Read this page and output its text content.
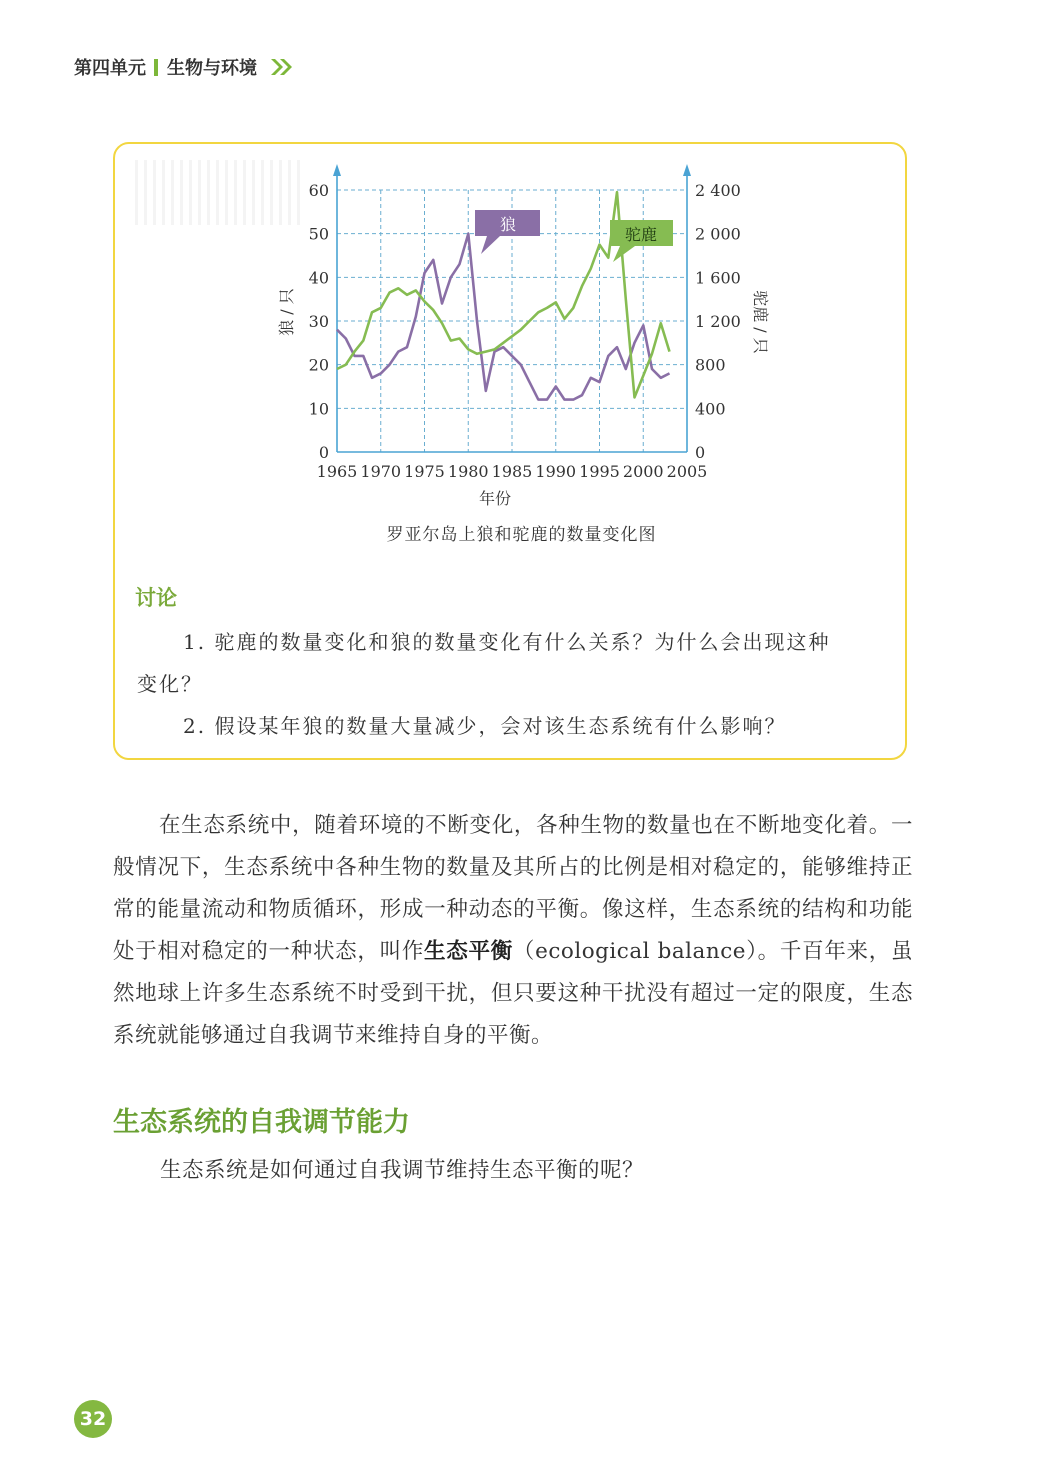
第四单元 生物与环境
1965 1970 1975 1980 1985 1990 1995 2000 2005
0
10
20
30
40
50
60
0
400
800
1 200
1 600
2 000
2 400
年份
狼 / 只	驼鹿 / 只
狼
驼鹿
罗亚尔岛上狼和驼鹿的数量变化图
讨论
1. 驼鹿的数量变化和狼的数量变化有什么关系？为什么会出现这种
变化？
2. 假设某年狼的数量大量减少，会对该生态系统有什么影响？

在生态系统中，随着环境的不断变化，各种生物的数量也在不断地变化着。一般情况下，生态系统中各种生物的数量及其所占的比例是相对稳定的，能够维持正常的能量流动和物质循环，形成一种动态的平衡。像这样，生态系统的结构和功能处于相对稳定的一种状态，叫作生态平衡（ecological balance）。千百年来，虽然地球上许多生态系统不时受到干扰，但只要这种干扰没有超过一定的限度，生态系统就能够通过自我调节来维持自身的平衡。

生态系统的自我调节能力
生态系统是如何通过自我调节维持生态平衡的呢？
32
